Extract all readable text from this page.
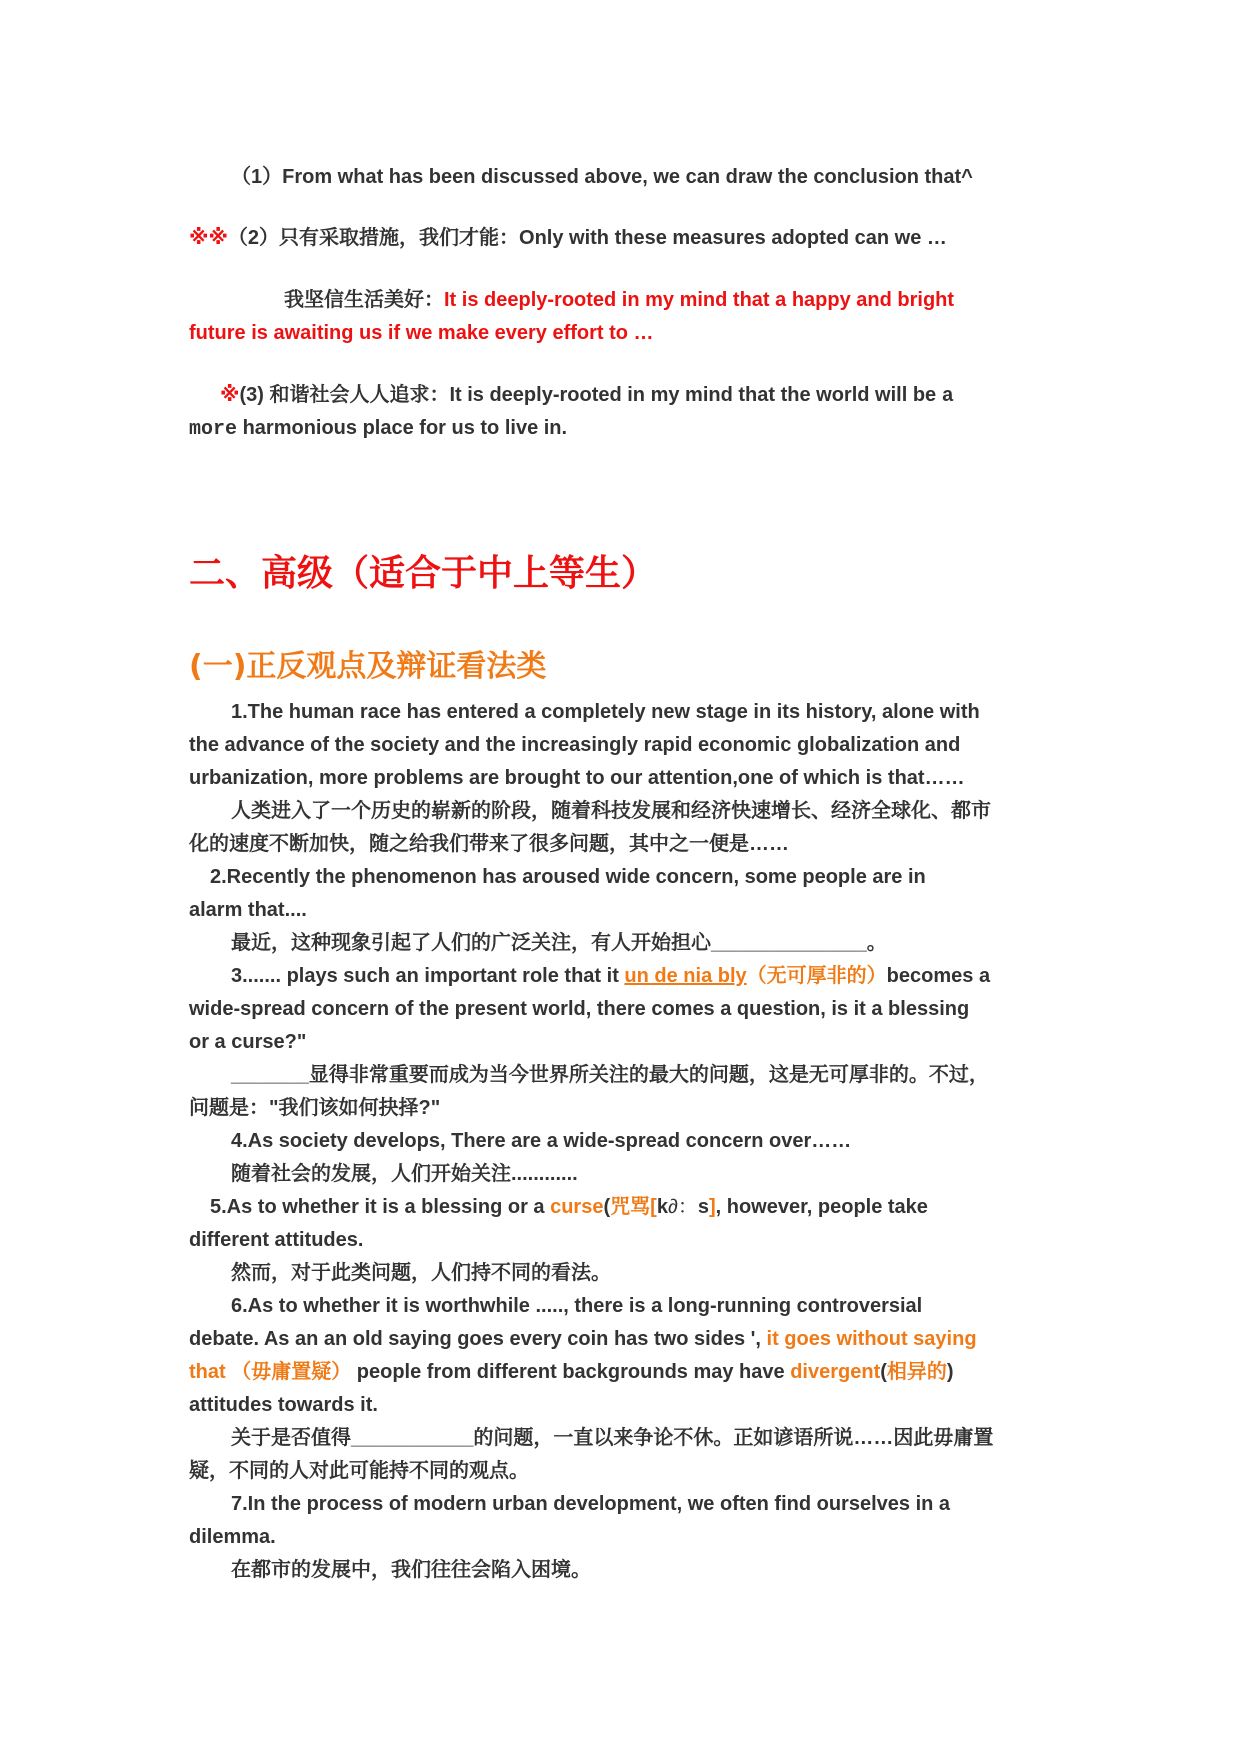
（1）From what has been discussed above, we can draw the conclusion that^
※※（2）只有采取措施，我们才能：Only with these measures adopted can we …
我坚信生活美好：It is deeply-rooted in my mind that a happy and bright
future is awaiting us if we make every effort to …
※(3) 和谐社会人人追求：It is deeply-rooted in my mind that the world will be a
more harmonious place for us to live in.
二、高级（适合于中上等生）
(一)正反观点及辩证看法类
1.The human race has entered a completely new stage in its history, alone with
the advance of the society and the increasingly rapid economic globalization and
urbanization, more problems are brought to our attention,one of which is that……
人类进入了一个历史的崭新的阶段，随着科技发展和经济快速增长、经济全球化、都市
化的速度不断加快，随之给我们带来了很多问题，其中之一便是……
2.Recently the phenomenon has aroused wide concern, some people are in
alarm that....
最近，这种现象引起了人们的广泛关注，有人开始担心______________。
3....... plays such an important role that it un de nia bly（无可厚非的）becomes a
wide-spread concern of the present world, there comes a question, is it a blessing
or a curse?"
_______显得非常重要而成为当今世界所关注的最大的问题，这是无可厚非的。不过，
问题是："我们该如何抉择?"
4.As society develops, There are a wide-spread concern over……
随着社会的发展，人们开始关注............
5.As to whether it is a blessing or a curse(咒骂[k∂：s], however, people take
different attitudes.
然而，对于此类问题，人们持不同的看法。
6.As to whether it is worthwhile ....., there is a long-running controversial
debate. As an an old saying goes every coin has two sides ', it goes without saying
that （毋庸置疑） people from different backgrounds may have divergent(相异的)
attitudes towards it.
关于是否值得___________的问题，一直以来争论不休。正如谚语所说……因此毋庸置
疑，不同的人对此可能持不同的观点。
7.In the process of modern urban development, we often find ourselves in a
dilemma.
在都市的发展中，我们往往会陷入困境。
